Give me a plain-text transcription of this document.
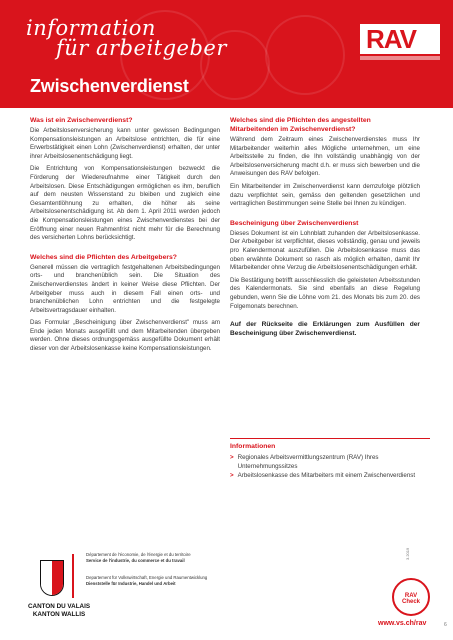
information
für arbeitgeber
Zwischenverdienst
RAV
Was ist ein Zwischenverdienst?

Die Arbeitslosenversicherung kann unter gewissen Bedingungen Kompensationsleistungen an Arbeitslose entrichten, die für eine Erwerbstätigkeit einen Lohn (Zwischenverdienst) erhalten, der unter ihrer Arbeitslosenentschädigung liegt.

Die Entrichtung von Kompensationsleistungen bezweckt die Förderung der Wiedereufnahme einer Tätigkeit durch den Arbeitslosen. Diese Entschädigungen ermöglichen es ihm, beruflich auf dem neusten Wissenstand zu bleiben und zugleich eine Gesamtentlöhnung zu erhalten, die höher als seine Arbeitslosenentschädigung ist. Ab dem 1. April 2011 werden jedoch die Kompensationsleistungen eines Zwischenverdienstes bei der Eröffnung einer neuen Rahmenfrist nicht mehr für die Berechnung des versicherten Lohns berücksichtigt.

Welches sind die Pflichten des Arbeitgebers?

Generell müssen die vertraglich festgehaltenen Arbeitsbedingungen orts- und branchenüblich sein. Die Situation des Zwischenverdienstes ändert in keiner Weise diese Pflichten. Der Arbeitgeber muss auch in diesem Fall einen orts- und branchenüblichen Lohn entrichten und die festgelegte Arbeitsvertragsdauer einhalten.

Das Formular „Bescheinigung über Zwischenverdienst" muss am Ende jeden Monats ausgefüllt und dem Mitarbeitenden übergeben werden. Ohne dieses ordnungsgemäss ausgefüllte Dokument erhält dieser von der Arbeitslosenkasse keine Kompensationsleistungen.

Welches sind die Pflichten des angestellten Mitarbeitenden im Zwischenverdienst?

Während dem Zeitraum eines Zwischenverdienstes muss Ihr Mitarbeitender weiterhin alles Mögliche unternehmen, um eine Arbeitsstelle zu finden, die Ihn vollständig unabhängig von der Arbeitslosenversicherung macht d.h. er muss sich bewerben und die Anweisungen des RAV befolgen.

Ein Mitarbeitender im Zwischenverdienst kann demzufolge plötzlich dazu verpflichtet sein, gemäss den geltenden gesetzlichen und vertraglichen Bestimmungen seine Stelle bei Ihnen zu kündigen.

Bescheinigung über Zwischenverdienst

Dieses Dokument ist ein Lohnblatt zuhanden der Arbeitslosenkasse. Der Arbeitgeber ist verpflichtet, dieses vollständig, genau und jeweils pro Kalendermonat auszufüllen. Die Arbeitslosenkasse muss das oben erwähnte Dokument so rasch als möglich erhalten, damit Ihr Mitarbeitender ohne Verzug die Arbeitslosenentschädigungen erhält.

Die Bestätigung betrifft ausschliesslich die geleisteten Arbeitsstunden des Kalendermonats. Sie sind ebenfalls an diese Regelung gebunden, wenn Sie die Löhne vom 21. des Monats bis zum 20. des Folgemonats berechnen.

Auf der Rückseite die Erklärungen zum Ausfüllen der Bescheinigung über Zwischenverdienst.

Informationen
> Regionales Arbeitsvermittlungszentrum (RAV) Ihres Unternehmungssitzes
> Arbeitslosenkasse des Mitarbeiters mit einem Zwischenverdienst
Département de l'économie, de l'énergie et du territoire
Service de l'industrie, du commerce et du travail
Departement für Volkswirtschaft, Energie und Raumentwicklung
Dienststelle für Industrie, Handel und Arbeit
CANTON DU VALAIS
KANTON WALLIS
3.2019
RAV Check
www.vs.ch/rav	6
